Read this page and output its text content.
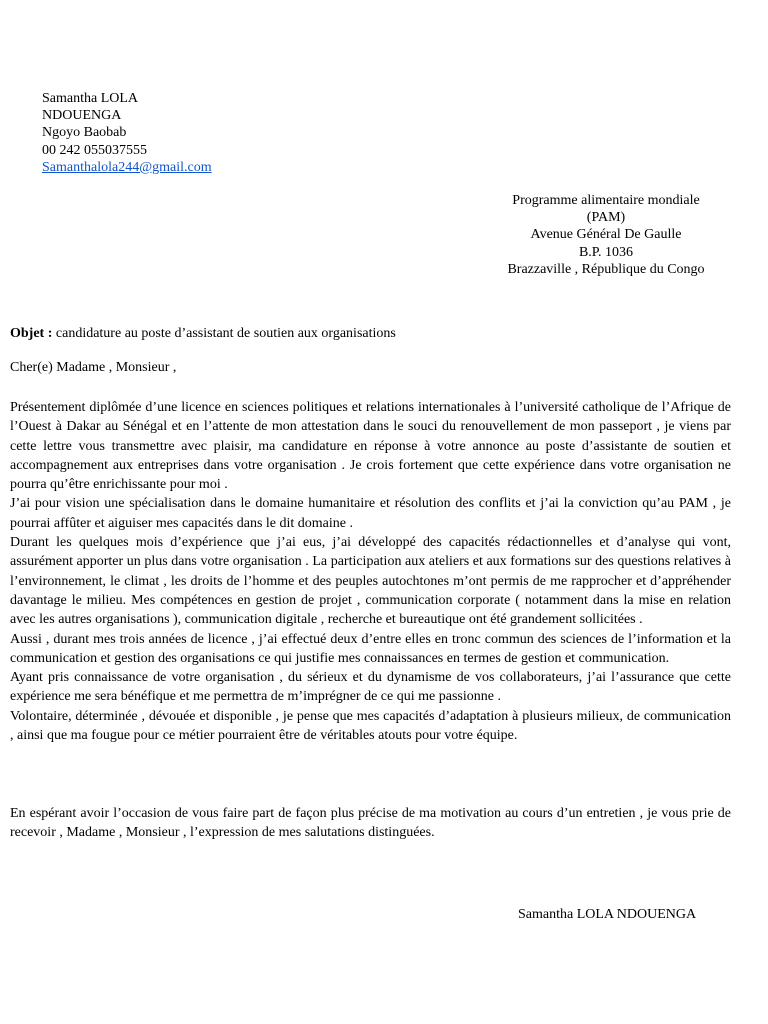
Samantha LOLA
NDOUENGA
Ngoyo Baobab
00 242 055037555
Samanthalola244@gmail.com
Programme alimentaire mondiale
(PAM)
Avenue Général De Gaulle
B.P. 1036
Brazzaville , République du Congo
Objet : candidature au poste d’assistant de soutien aux organisations
Cher(e) Madame , Monsieur ,

Présentement diplômée d’une licence en sciences politiques et relations internationales à l’université catholique de l’Afrique de l’Ouest à Dakar au Sénégal et en l’attente de mon attestation dans le souci du renouvellement de mon passeport , je viens par cette lettre vous transmettre avec plaisir, ma candidature en réponse à votre annonce au poste d’assistante de soutien et accompagnement aux entreprises dans votre organisation . Je crois fortement que cette expérience dans votre organisation ne pourra qu’être enrichissante pour moi .

J’ai pour vision une spécialisation dans le domaine humanitaire et résolution des conflits et j’ai la conviction qu’au PAM , je pourrai affûter et aiguiser mes capacités dans le dit domaine .

Durant les quelques mois d’expérience que j’ai eus, j’ai développé des capacités rédactionnelles et d’analyse qui vont, assurément apporter un plus dans votre organisation . La participation aux ateliers et aux formations sur des questions relatives à l’environnement, le climat , les droits de l’homme et des peuples autochtones m’ont permis de me rapprocher et d’appréhender davantage le milieu. Mes compétences en gestion de projet , communication corporate ( notamment dans la mise en relation avec les autres organisations ), communication digitale , recherche et bureautique ont été grandement sollicitées .

Aussi , durant mes trois années de licence , j’ai effectué deux d’entre elles en tronc commun des sciences de l’information et la communication et gestion des organisations ce qui justifie mes connaissances en termes de gestion et communication.

Ayant pris connaissance de votre organisation , du sérieux et du dynamisme de vos collaborateurs, j’ai l’assurance que cette expérience me sera bénéfique et me permettra de m’imprégner de ce qui me passionne .

Volontaire, déterminée , dévouée et disponible , je pense que mes capacités d’adaptation à plusieurs milieux, de communication , ainsi que ma fougue pour ce métier pourraient être de véritables atouts pour votre équipe.

En espérant avoir l’occasion de vous faire part de façon plus précise de ma motivation au cours d’un entretien , je vous prie de recevoir , Madame , Monsieur , l’expression de mes salutations distinguées.

Samantha LOLA NDOUENGA
